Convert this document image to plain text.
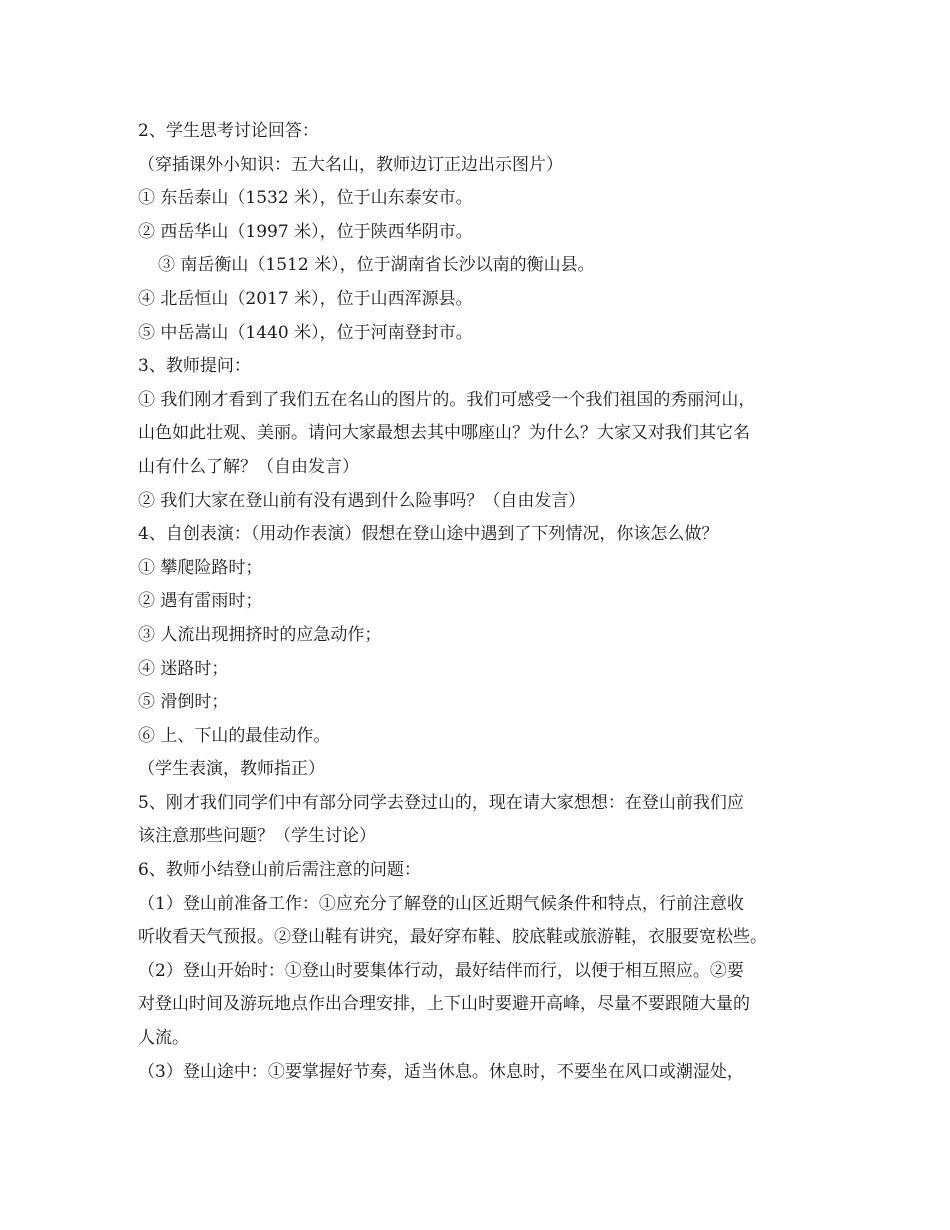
2、学生思考讨论回答：
（穿插课外小知识：五大名山，教师边订正边出示图片）
① 东岳泰山（1532 米），位于山东泰安市。
② 西岳华山（1997 米），位于陕西华阴市。
③ 南岳衡山（1512 米），位于湖南省长沙以南的衡山县。
④ 北岳恒山（2017 米），位于山西浑源县。
⑤ 中岳嵩山（1440 米），位于河南登封市。
3、教师提问：
① 我们刚才看到了我们五在名山的图片的。我们可感受一个我们祖国的秀丽河山，
山色如此壮观、美丽。请问大家最想去其中哪座山？为什么？大家又对我们其它名
山有什么了解？（自由发言）
② 我们大家在登山前有没有遇到什么险事吗？（自由发言）
4、自创表演：（用动作表演）假想在登山途中遇到了下列情况，你该怎么做？
① 攀爬险路时；
② 遇有雷雨时；
③ 人流出现拥挤时的应急动作；
④ 迷路时；
⑤ 滑倒时；
⑥ 上、下山的最佳动作。
（学生表演，教师指正）
5、刚才我们同学们中有部分同学去登过山的，现在请大家想想：在登山前我们应
该注意那些问题？（学生讨论）
6、教师小结登山前后需注意的问题：
（1）登山前准备工作：①应充分了解登的山区近期气候条件和特点，行前注意收
听收看天气预报。②登山鞋有讲究，最好穿布鞋、胶底鞋或旅游鞋，衣服要宽松些。
（2）登山开始时：①登山时要集体行动，最好结伴而行，以便于相互照应。②要
对登山时间及游玩地点作出合理安排，上下山时要避开高峰，尽量不要跟随大量的
人流。
（3）登山途中：①要掌握好节奏，适当休息。休息时，不要坐在风口或潮湿处，
